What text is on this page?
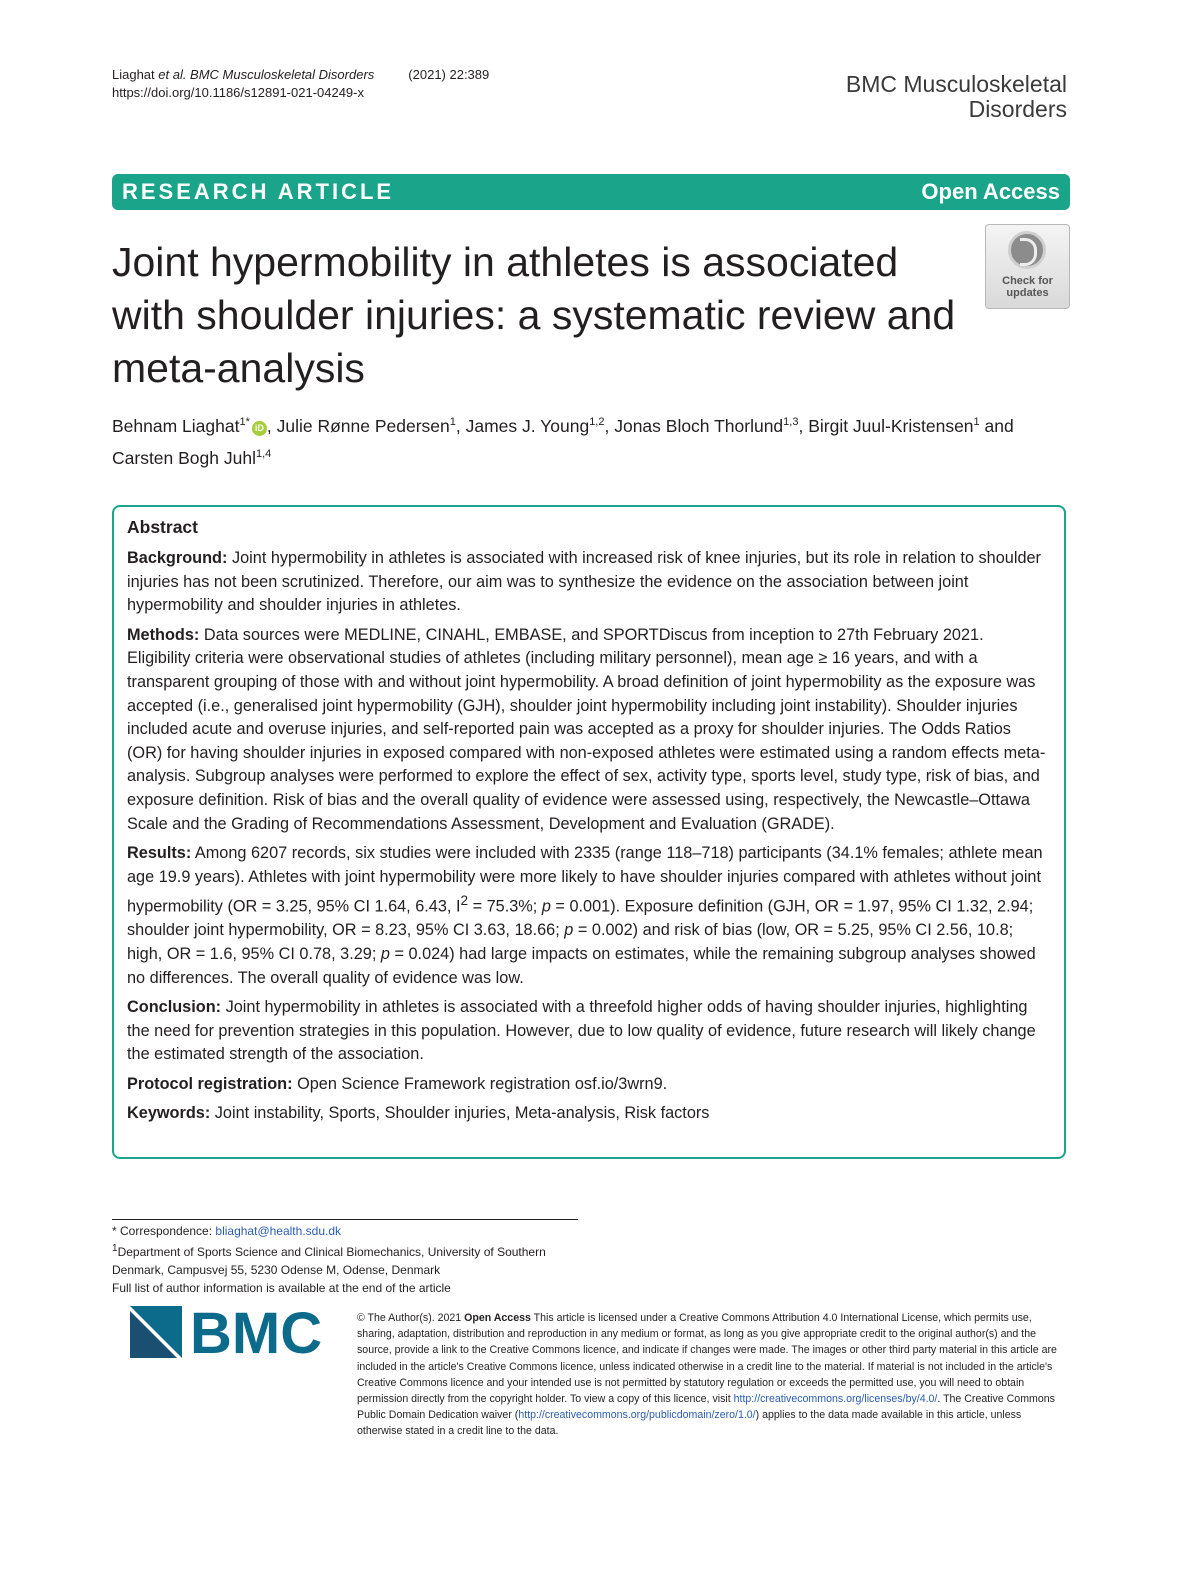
Liaghat et al. BMC Musculoskeletal Disorders	(2021) 22:389
https://doi.org/10.1186/s12891-021-04249-x	BMC Musculoskeletal
Disorders
RESEARCH ARTICLE	Open Access
Joint hypermobility in athletes is associated with shoulder injuries: a systematic review and meta-analysis
Check for
updates
Behnam Liaghat$^{1*}$ iD , Julie Rønne Pedersen$^1$, James J. Young$^{1,2}$, Jonas Bloch Thorlund$^{1,3}$, Birgit Juul-Kristensen$^1$ and
Carsten Bogh Juhl$^{1,4}$
Abstract

Background: Joint hypermobility in athletes is associated with increased risk of knee injuries, but its role in relation to shoulder injuries has not been scrutinized. Therefore, our aim was to synthesize the evidence on the association between joint hypermobility and shoulder injuries in athletes.

Methods: Data sources were MEDLINE, CINAHL, EMBASE, and SPORTDiscus from inception to 27th February 2021. Eligibility criteria were observational studies of athletes (including military personnel), mean age ≥ 16 years, and with a transparent grouping of those with and without joint hypermobility. A broad definition of joint hypermobility as the exposure was accepted (i.e., generalised joint hypermobility (GJH), shoulder joint hypermobility including joint instability). Shoulder injuries included acute and overuse injuries, and self-reported pain was accepted as a proxy for shoulder injuries. The Odds Ratios (OR) for having shoulder injuries in exposed compared with non-exposed athletes were estimated using a random effects meta-analysis. Subgroup analyses were performed to explore the effect of sex, activity type, sports level, study type, risk of bias, and exposure definition. Risk of bias and the overall quality of evidence were assessed using, respectively, the Newcastle–Ottawa Scale and the Grading of Recommendations Assessment, Development and Evaluation (GRADE).

Results: Among 6207 records, six studies were included with 2335 (range 118–718) participants (34.1% females; athlete mean age 19.9 years). Athletes with joint hypermobility were more likely to have shoulder injuries compared with athletes without joint hypermobility (OR = 3.25, 95% CI 1.64, 6.43, $I^2 = 75.3\%$; p = 0.001). Exposure definition (GJH, OR = 1.97, 95% CI 1.32, 2.94; shoulder joint hypermobility, OR = 8.23, 95% CI 3.63, 18.66; p = 0.002) and risk of bias (low, OR = 5.25, 95% CI 2.56, 10.8; high, OR = 1.6, 95% CI 0.78, 3.29; p = 0.024) had large impacts on estimates, while the remaining subgroup analyses showed no differences. The overall quality of evidence was low.

Conclusion: Joint hypermobility in athletes is associated with a threefold higher odds of having shoulder injuries, highlighting the need for prevention strategies in this population. However, due to low quality of evidence, future research will likely change the estimated strength of the association.

Protocol registration: Open Science Framework registration osf.io/3wrn9.

Keywords: Joint instability, Sports, Shoulder injuries, Meta-analysis, Risk factors

* Correspondence: bliaghat@health.sdu.dk
$^1$Department of Sports Science and Clinical Biomechanics, University of Southern Denmark, Campusvej 55, 5230 Odense M, Odense, Denmark
Full list of author information is available at the end of the article
BMC	© The Author(s). 2021 Open Access This article is licensed under a Creative Commons Attribution 4.0 International License, which permits use, sharing, adaptation, distribution and reproduction in any medium or format, as long as you give appropriate credit to the original author(s) and the source, provide a link to the Creative Commons licence, and indicate if changes were made. The images or other third party material in this article are included in the article's Creative Commons licence, unless indicated otherwise in a credit line to the material. If material is not included in the article's Creative Commons licence and your intended use is not permitted by statutory regulation or exceeds the permitted use, you will need to obtain permission directly from the copyright holder. To view a copy of this licence, visit http://creativecommons.org/licenses/by/4.0/. The Creative Commons Public Domain Dedication waiver (http://creativecommons.org/publicdomain/zero/1.0/) applies to the data made available in this article, unless otherwise stated in a credit line to the data.
